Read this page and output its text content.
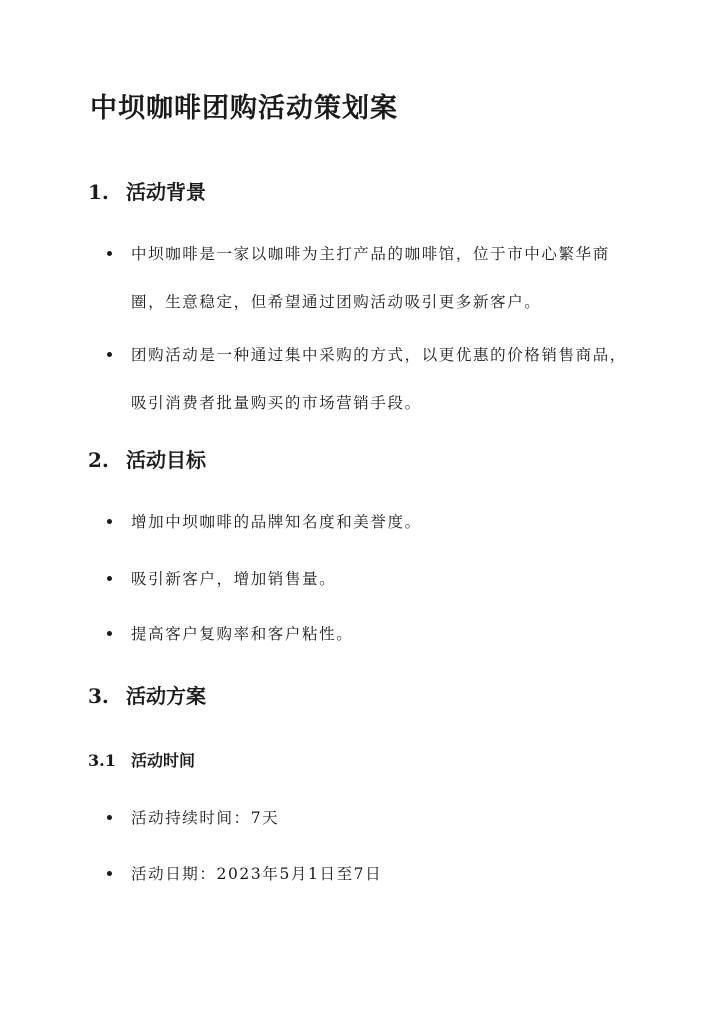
中坝咖啡团购活动策划案
1. 活动背景
中坝咖啡是一家以咖啡为主打产品的咖啡馆，位于市中心繁华商圈，生意稳定，但希望通过团购活动吸引更多新客户。
团购活动是一种通过集中采购的方式，以更优惠的价格销售商品，吸引消费者批量购买的市场营销手段。
2. 活动目标
增加中坝咖啡的品牌知名度和美誉度。
吸引新客户，增加销售量。
提高客户复购率和客户粘性。
3. 活动方案
3.1 活动时间
活动持续时间：7天
活动日期：2023年5月1日至7日
